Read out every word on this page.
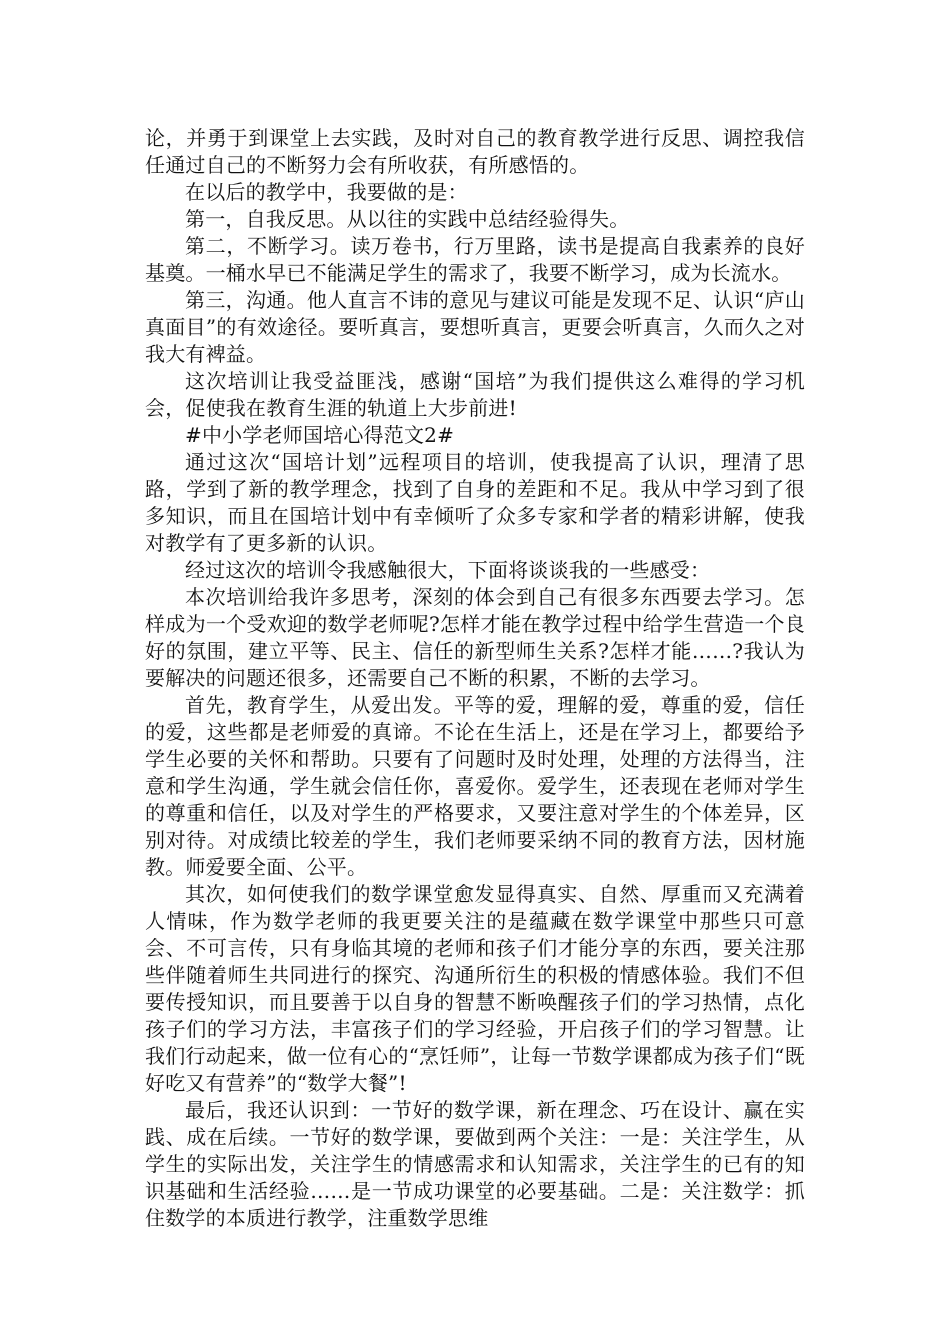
论，并勇于到课堂上去实践，及时对自己的教育教学进行反思、调控我信任通过自己的不断努力会有所收获，有所感悟的。

在以后的教学中，我要做的是：

第一，自我反思。从以往的实践中总结经验得失。

第二，不断学习。读万卷书，行万里路，读书是提高自我素养的良好基奠。一桶水早已不能满足学生的需求了，我要不断学习，成为长流水。

第三，沟通。他人直言不讳的意见与建议可能是发现不足、认识“庐山真面目”的有效途径。要听真言，要想听真言，更要会听真言，久而久之对我大有裨益。

这次培训让我受益匪浅，感谢“国培”为我们提供这么难得的学习机会，促使我在教育生涯的轨道上大步前进!

#中小学老师国培心得范文2#

通过这次“国培计划”远程项目的培训，使我提高了认识，理清了思路，学到了新的教学理念，找到了自身的差距和不足。我从中学习到了很多知识，而且在国培计划中有幸倾听了众多专家和学者的精彩讲解，使我对教学有了更多新的认识。

经过这次的培训令我感触很大，下面将谈谈我的一些感受：

本次培训给我许多思考，深刻的体会到自己有很多东西要去学习。怎样成为一个受欢迎的数学老师呢?怎样才能在教学过程中给学生营造一个良好的氛围，建立平等、民主、信任的新型师生关系?怎样才能……?我认为要解决的问题还很多，还需要自己不断的积累，不断的去学习。

首先，教育学生，从爱出发。平等的爱，理解的爱，尊重的爱，信任的爱，这些都是老师爱的真谛。不论在生活上，还是在学习上，都要给予学生必要的关怀和帮助。只要有了问题时及时处理，处理的方法得当，注意和学生沟通，学生就会信任你，喜爱你。爱学生，还表现在老师对学生的尊重和信任，以及对学生的严格要求，又要注意对学生的个体差异，区别对待。对成绩比较差的学生，我们老师要采纳不同的教育方法，因材施教。师爱要全面、公平。

其次，如何使我们的数学课堂愈发显得真实、自然、厚重而又充满着人情味，作为数学老师的我更要关注的是蕴藏在数学课堂中那些只可意会、不可言传，只有身临其境的老师和孩子们才能分享的东西，要关注那些伴随着师生共同进行的探究、沟通所衍生的积极的情感体验。我们不但要传授知识，而且要善于以自身的智慧不断唤醒孩子们的学习热情，点化孩子们的学习方法，丰富孩子们的学习经验，开启孩子们的学习智慧。让我们行动起来，做一位有心的“烹饪师”，让每一节数学课都成为孩子们“既好吃又有营养”的“数学大餐”!

最后，我还认识到：一节好的数学课，新在理念、巧在设计、赢在实践、成在后续。一节好的数学课，要做到两个关注：一是：关注学生，从学生的实际出发，关注学生的情感需求和认知需求，关注学生的已有的知识基础和生活经验……是一节成功课堂的必要基础。二是：关注数学：抓住数学的本质进行教学，注重数学思维
